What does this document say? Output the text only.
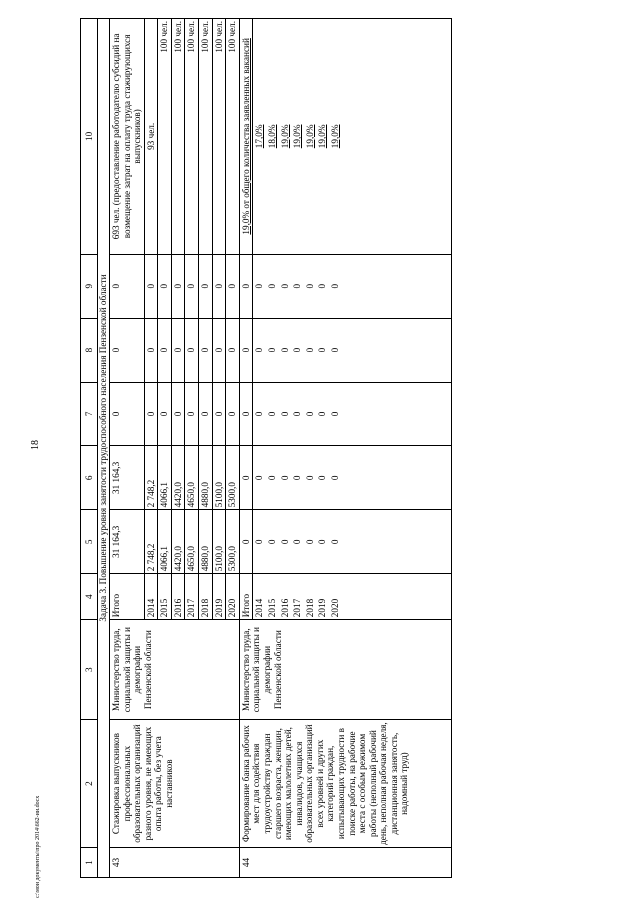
18
c:\мои документы\про 2014\662-ии.docx	1	2	3	4	5	6	7	8	9	10
Задача 3. Повышение уровня занятости трудоспособного населения Пензенской области									
43	Стажировка выпускников профессиональных образовательных организаций разного уровня, не имеющих опыта работы, без учета наставников	Министерство труда, социальной защиты и демографии Пензенской области	Итого	31 164,3	31 164,3	0	0	0	693 чел. (предоставление работодателю субсидий на возмещение затрат на оплату труда стажирующихся выпускников)
			2014	2 748,2	2 748,2	0	0	0	93 чел.
			2015	4066,1	4066,1	0	0	0	100 чел.
			2016	4420,0	4420,0	0	0	0	100 чел.
			2017	4650,0	4650,0	0	0	0	100 чел.
			2018	4880,0	4880,0	0	0	0	100 чел.
			2019	5100,0	5100,0	0	0	0	100 чел.
			2020	5300,0	5300,0	0	0	0	100 чел.
44	Формирование банка рабочих мест для содействия трудоустройству граждан старшего возраста, женщин, имеющих малолетних детей, инвалидов, учащихся образовательных организаций всех уровней и других категорий граждан, испытывающих трудности в поиске работы, на рабочие места с особым режимом работы (неполный рабочий день, неполная рабочая неделя, дистанционная занятость, надомный труд)	Министерство труда, социальной защиты и демографии Пензенской области	Итого	0	0	0	0	0	19,0% от общего количества заявленных вакансий
			2014	0	0	0	0	0	17,0%
			2015	0	0	0	0	0	18,0%
			2016	0	0	0	0	0	19,0%
			2017	0	0	0	0	0	19,0%
			2018	0	0	0	0	0	19,0%
			2019	0	0	0	0	0	19,0%
			2020	0	0	0	0	0	19,0%
